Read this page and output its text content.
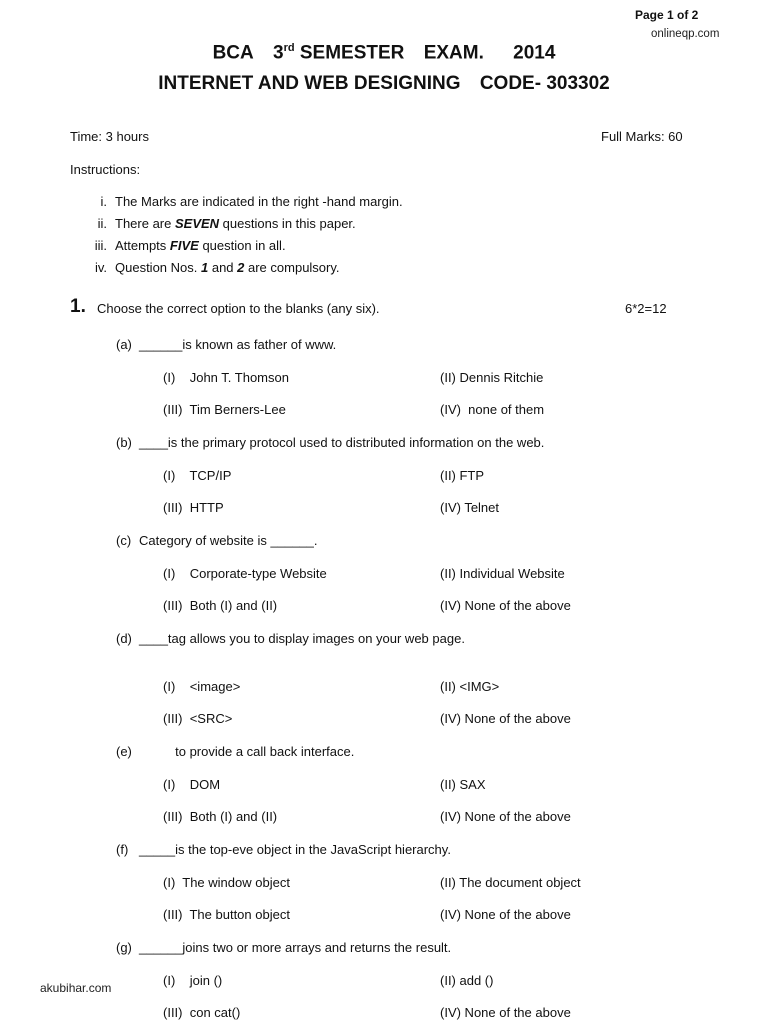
Page 1 of 2
onlineqp.com
BCA 3rd SEMESTER EXAM. 2014
INTERNET AND WEB DESIGNING CODE- 303302
Time: 3 hours	Full Marks: 60
Instructions:
i. The Marks are indicated in the right -hand margin.
ii. There are SEVEN questions in this paper.
iii. Attempts FIVE question in all.
iv. Question Nos. 1 and 2 are compulsory.
1. Choose the correct option to the blanks (any six).	6*2=12
(a) ______is known as father of www.
(I)    John T. Thomson	(II) Dennis Ritchie
(III)  Tim Berners-Lee	(IV)  none of them
(b) ____is the primary protocol used to distributed information on the web.
(I)    TCP/IP	(II) FTP
(III)  HTTP	(IV) Telnet
(c) Category of website is ______.
(I)    Corporate-type Website	(II) Individual Website
(III)  Both (I) and (II)	(IV) None of the above
(d) ____tag allows you to display images on your web page.
(I)    <image>	(II) <IMG>
(III)  <SRC>	(IV) None of the above
(e)          to provide a call back interface.
(I)    DOM	(II) SAX
(III)  Both (I) and (II)	(IV) None of the above
(f) _____is the top-eve object in the JavaScript hierarchy.
(I)  The window object	(II) The document object
(III)  The button object	(IV) None of the above
(g) ______joins two or more arrays and returns the result.
(I)    join ()	(II) add ()
(III)  con cat()	(IV) None of the above
akubihar.com
